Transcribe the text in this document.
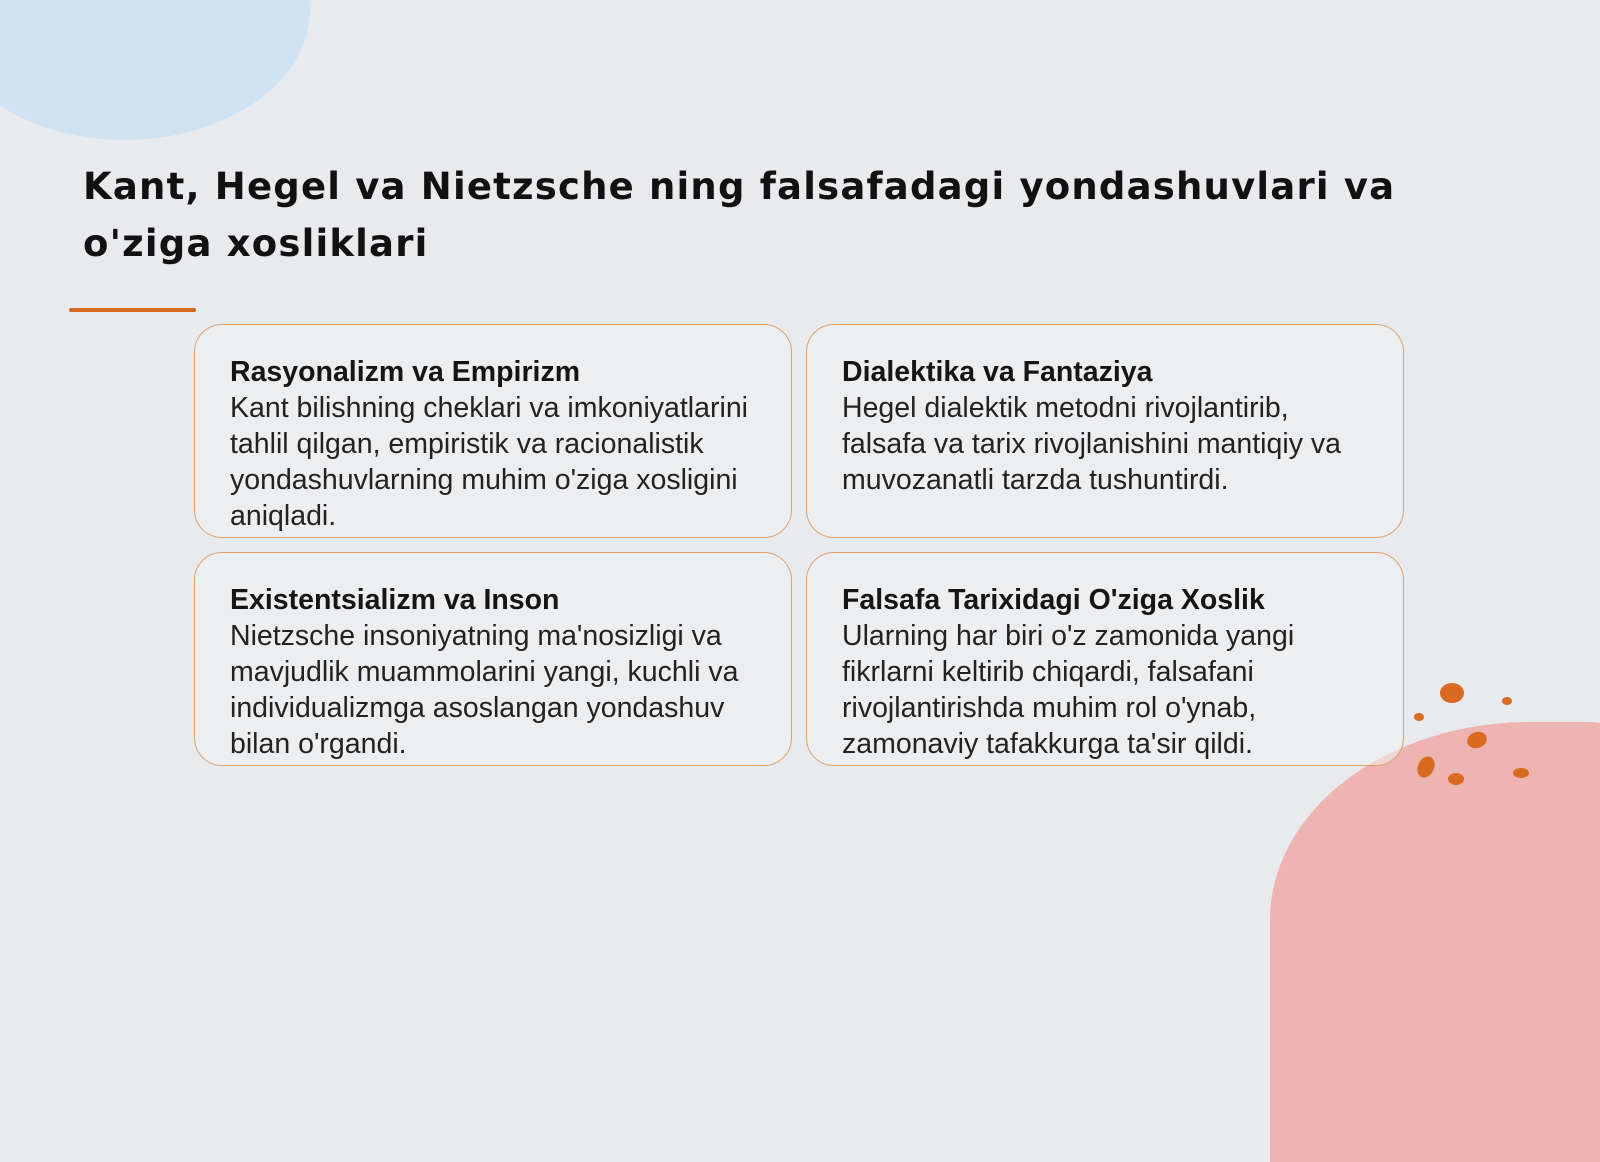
Kant, Hegel va Nietzsche ning falsafadagi yondashuvlari va o'ziga xosliklari

Rasyonalizm va Empirizm

Kant bilishning cheklari va imkoniyatlarini tahlil qilgan, empiristik va racionalistik yondashuvlarning muhim o'ziga xosligini aniqladi.

Dialektika va Fantaziya

Hegel dialektik metodni rivojlantirib, falsafa va tarix rivojlanishini mantiqiy va muvozanatli tarzda tushuntirdi.

Existentsializm va Inson

Nietzsche insoniyatning ma'nosizligi va mavjudlik muammolarini yangi, kuchli va individualizmga asoslangan yondashuv bilan o'rgandi.

Falsafa Tarixidagi O'ziga Xoslik

Ularning har biri o'z zamonida yangi fikrlarni keltirib chiqardi, falsafani rivojlantirishda muhim rol o'ynab, zamonaviy tafakkurga ta'sir qildi.
